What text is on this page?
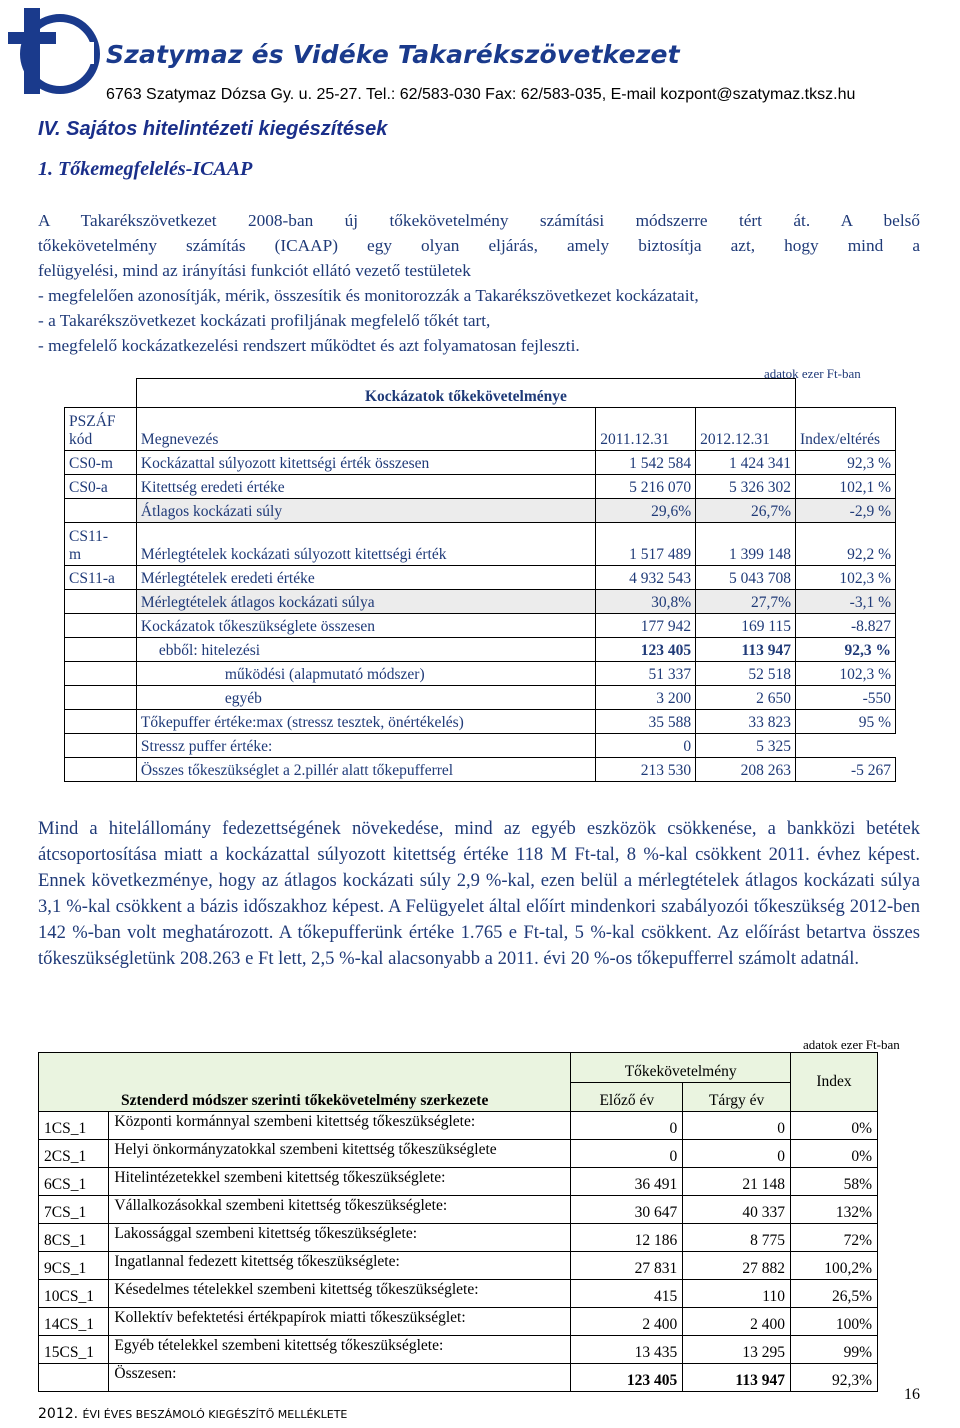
Szatymaz és Vidéke Takarékszövetkezet
6763 Szatymaz Dózsa Gy. u. 25-27. Tel.: 62/583-030 Fax: 62/583-035, E-mail kozpont@szatymaz.tksz.hu
IV. Sajátos hitelintézeti kiegészítések
1. Tőkemegfelelés-ICAAP
A Takarékszövetkezet 2008-ban új tőkekövetelmény számítási módszerre tért át. A belső
tőkekövetelmény számítás (ICAAP) egy olyan eljárás, amely biztosítja azt, hogy mind a
felügyelési, mind az irányítási funkciót ellátó vezető testületek
- megfelelően azonosítják, mérik, összesítik és monitorozzák a Takarékszövetkezet kockázatait,
- a Takarékszövetkezet kockázati profiljának megfelelő tőkét tart,
- megfelelő kockázatkezelési rendszert működtet és azt folyamatosan fejleszti.
adatok ezer Ft-ban
	Kockázatok tőkekövetelménye			

PSZÁF
kód	Megnevezés	2011.12.31	2012.12.31	Index/eltérés
CS0-m	Kockázattal súlyozott kitettségi érték összesen	1 542 584	1 424 341	92,3 %
CS0-a	Kitettség eredeti értéke	5 216 070	5 326 302	102,1 %
	Átlagos kockázati súly	29,6%	26,7%	-2,9 %

CS11-
m	Mérlegtételek kockázati súlyozott kitettségi érték	1 517 489	1 399 148	92,2 %
CS11-a	Mérlegtételek eredeti értéke	4 932 543	5 043 708	102,3 %
	Mérlegtételek átlagos kockázati súlya	30,8%	27,7%	-3,1 %
	Kockázatok tőkeszükséglete összesen	177 942	169 115	-8.827
	ebből: hitelezési	123 405	113 947	92,3 %
	működési (alapmutató módszer)	51 337	52 518	102,3 %
	egyéb	3 200	2 650	-550
	Tőkepuffer értéke:max (stressz tesztek, önértékelés)	35 588	33 823	95 %
	Stressz puffer értéke:	0	5 325	
	Összes tőkeszükséglet a 2.pillér alatt tőkepufferrel	213 530	208 263	-5 267
Mind a hitelállomány fedezettségének növekedése, mind az egyéb eszközök csökkenése, a bankközi betétek átcsoportosítása miatt a kockázattal súlyozott kitettség értéke 118 M Ft-tal, 8 %-kal csökkent 2011. évhez képest. Ennek következménye, hogy az átlagos kockázati súly 2,9 %-kal, ezen belül a mérlegtételek átlagos kockázati súlya 3,1 %-kal csökkent a bázis időszakhoz képest. A Felügyelet által előírt mindenkori szabályozói tőkeszükség 2012-ben 142 %-ban volt meghatározott. A tőkepufferünk értéke 1.765 e Ft-tal, 5 %-kal csökkent. Az előírást betartva összes tőkeszükségletünk 208.263 e Ft lett, 2,5 %-kal alacsonyabb a 2011. évi 20 %-os tőkepufferrel számolt adatnál.
adatok ezer Ft-ban
Sztenderd módszer szerinti tőkekövetelmény szerkezete		Tőkekövetelmény		Index
		Előző év	Tárgy év	
1CS_1	Központi kormánnyal szembeni kitettség tőkeszükséglete:	0	0	0%
2CS_1	Helyi önkormányzatokkal szembeni kitettség tőkeszükséglete	0	0	0%
6CS_1	Hitelintézetekkel szembeni kitettség tőkeszükséglete:	36 491	21 148	58%
7CS_1	Vállalkozásokkal szembeni kitettség tőkeszükséglete:	30 647	40 337	132%
8CS_1	Lakossággal szembeni kitettség tőkeszükséglete:	12 186	8 775	72%
9CS_1	Ingatlannal fedezett kitettség tőkeszükséglete:	27 831	27 882	100,2%
10CS_1	Késedelmes tételekkel szembeni kitettség tőkeszükséglete:	415	110	26,5%
14CS_1	Kollektív befektetési értékpapírok miatti tőkeszükséglet:	2 400	2 400	100%
15CS_1	Egyéb tételekkel szembeni kitettség tőkeszükséglete:	13 435	13 295	99%
	Összesen:	123 405	113 947	92,3%
16
2012. ÉVI ÉVES BESZÁMOLÓ KIEGÉSZÍTŐ MELLÉKLETE
